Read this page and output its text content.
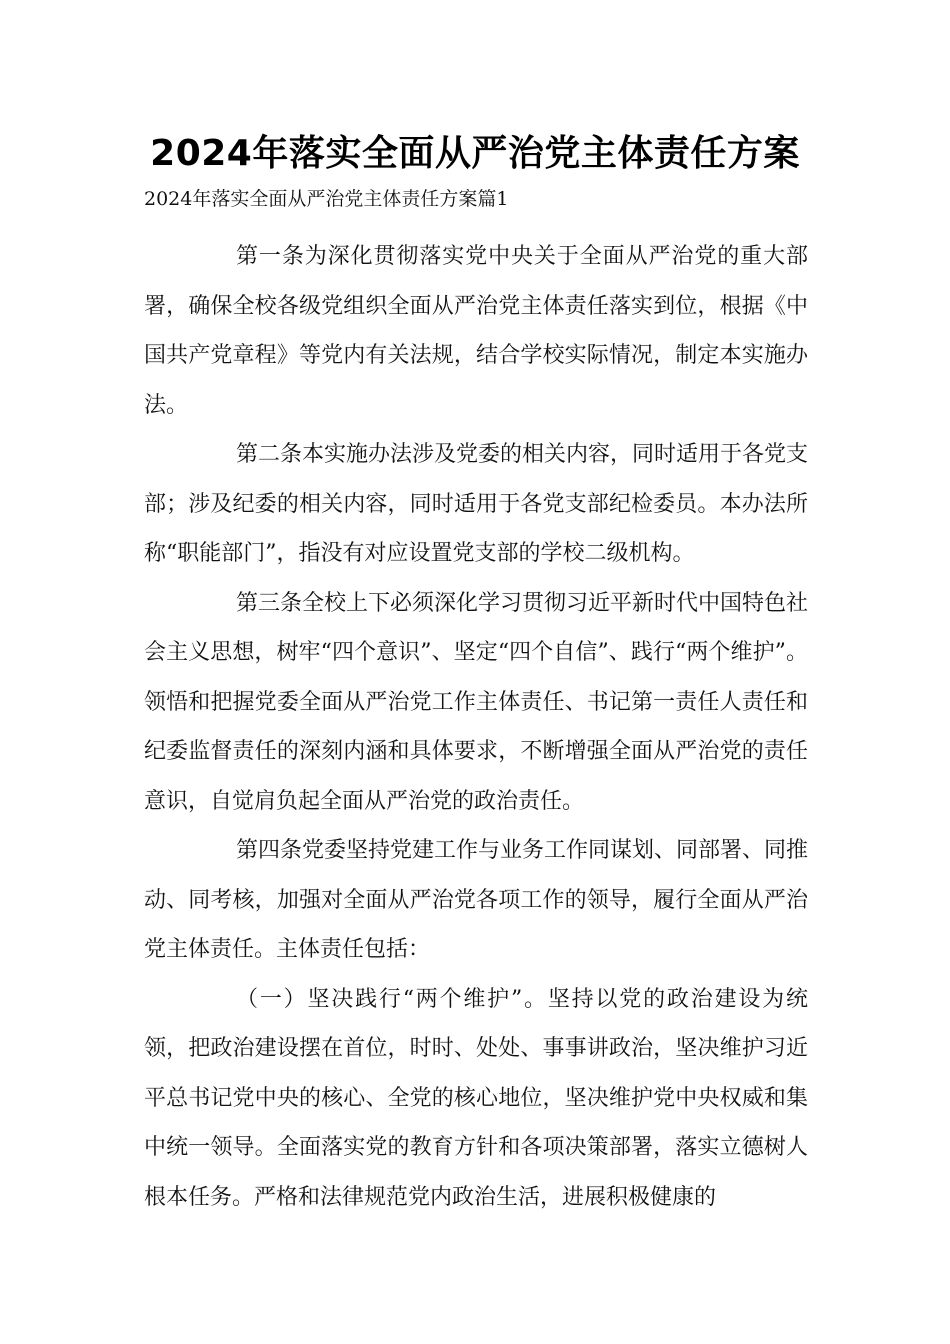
2024年落实全面从严治党主体责任方案

2024年落实全面从严治党主体责任方案篇1

第一条为深化贯彻落实党中央关于全面从严治党的重大部署，确保全校各级党组织全面从严治党主体责任落实到位，根据《中国共产党章程》等党内有关法规，结合学校实际情况，制定本实施办法。

第二条本实施办法涉及党委的相关内容，同时适用于各党支部；涉及纪委的相关内容，同时适用于各党支部纪检委员。本办法所称“职能部门”，指没有对应设置党支部的学校二级机构。

第三条全校上下必须深化学习贯彻习近平新时代中国特色社会主义思想，树牢“四个意识”、坚定“四个自信”、践行“两个维护”。领悟和把握党委全面从严治党工作主体责任、书记第一责任人责任和纪委监督责任的深刻内涵和具体要求，不断增强全面从严治党的责任意识，自觉肩负起全面从严治党的政治责任。

第四条党委坚持党建工作与业务工作同谋划、同部署、同推动、同考核，加强对全面从严治党各项工作的领导，履行全面从严治党主体责任。主体责任包括：

（一）坚决践行“两个维护”。坚持以党的政治建设为统领，把政治建设摆在首位，时时、处处、事事讲政治，坚决维护习近平总书记党中央的核心、全党的核心地位，坚决维护党中央权威和集中统一领导。全面落实党的教育方针和各项决策部署，落实立德树人根本任务。严格和法律规范党内政治生活，进展积极健康的
